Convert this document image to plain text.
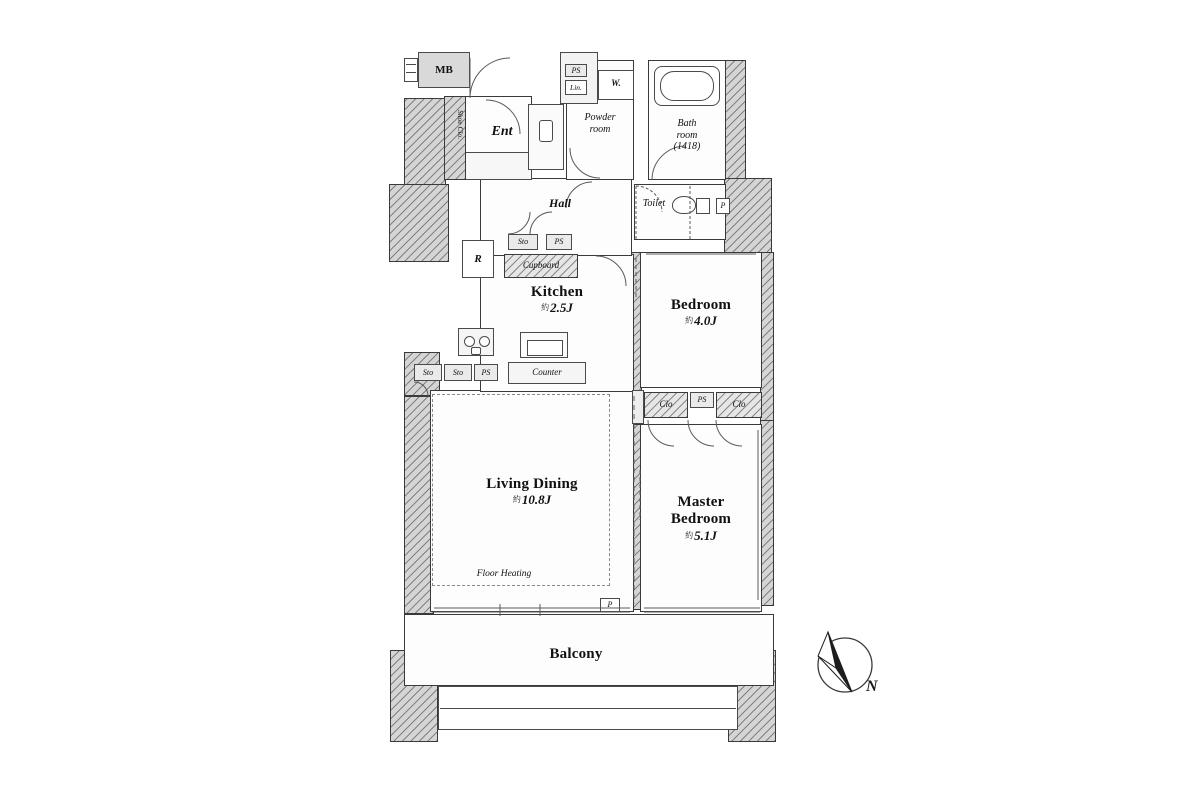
Shoe Clo.
MB	PS
Lin.	W.
Cupboard
Sto	PS
R
Counter
Sto	Sto	PS
Clo	PS	Clo
P
P
Floor Heating
Living Dining
約10.8J
Kitchen
約2.5J	Bedroom
約4.0J
Master
Bedroom
約5.1J
Balcony
Ent
Hall
Powder
room	Bath
room
(1418)
Toilet
N
